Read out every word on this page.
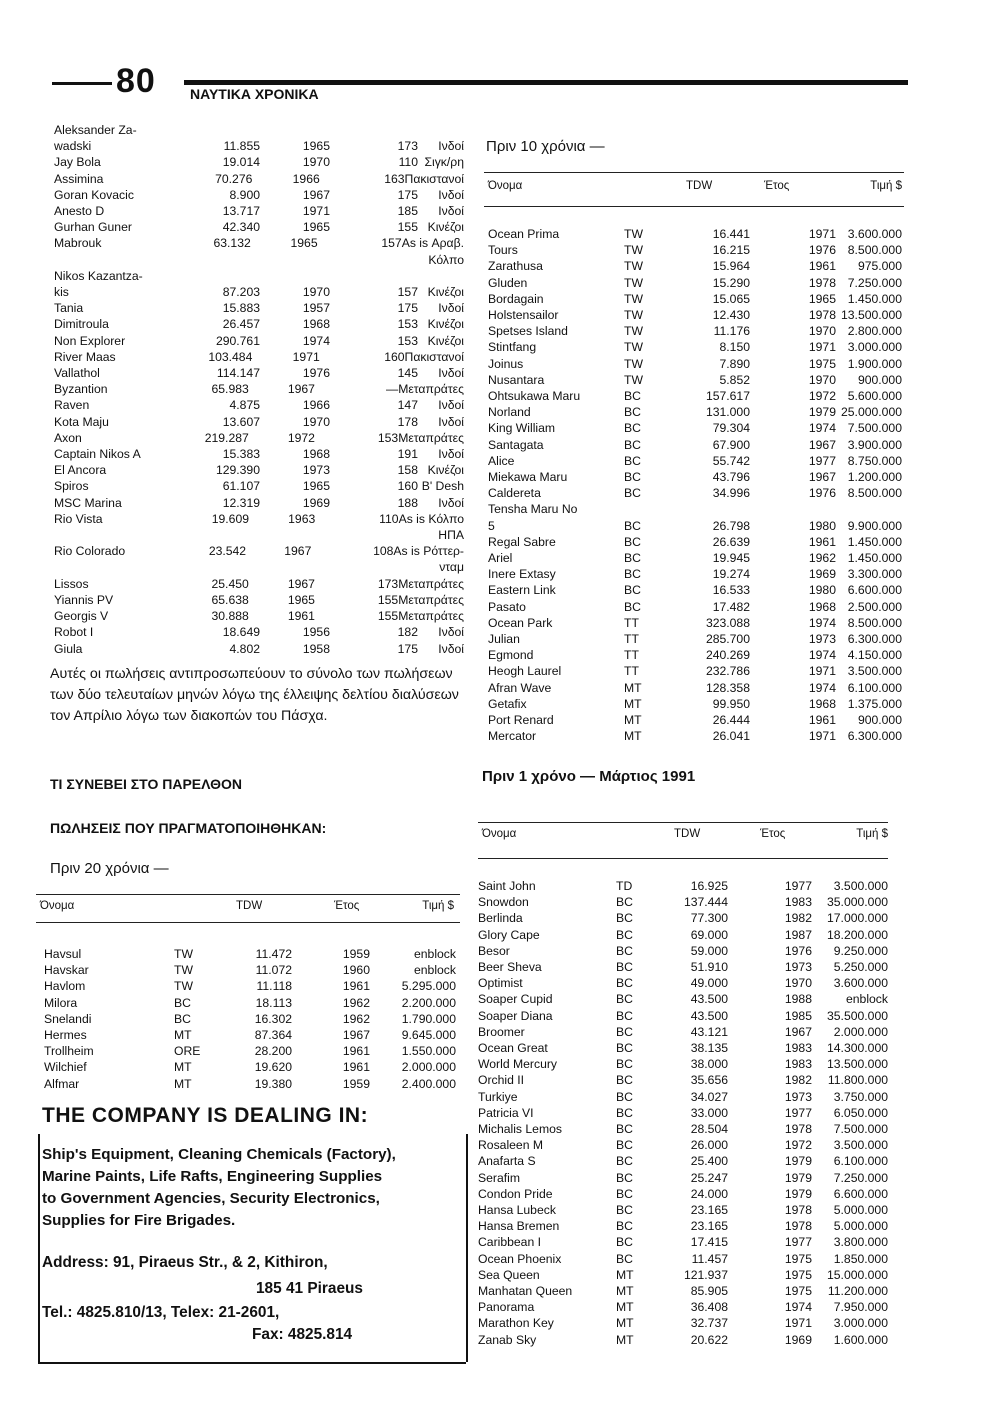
80 ΝΑΥΤΙΚΑ ΧΡΟΝΙΚΑ
Aleksander Za-
wadski	11.855	1965	173	Ινδοί
Jay Bola	19.014	1970	110 Σιγκ/ρη
Assimina	70.276	1966	163 Πακιστανοί
Goran Kovacic	8.900	1967	175	Ινδοί
Anesto D	13.717	1971	185	Ινδοί
Gurhan Guner	42.340	1965	155 Κινέζοι
Mabrouk	63.132	1965	157 As is Αραβ.
Κόλπο
Nikos Kazantza-
kis	87.203	1970	157 Κινέζοι
Tania	15.883	1957	175	Ινδοί
Dimitroula	26.457	1968	153 Κινέζοι
Non Explorer	290.761	1974	153 Κινέζοι
River Maas	103.484	1971	160 Πακιστανοί
Vallathol	114.147	1976	145	Ινδοί
Byzantion	65.983	1967	— Μεταπράτες
Raven	4.875	1966	147	Ινδοί
Kota Maju	13.607	1970	178	Ινδοί
Axon	219.287	1972	153 Μεταπράτες
Captain Nikos A	15.383	1968	191	Ινδοί
El Ancora	129.390	1973	158 Κινέζοι
Spiros	61.107	1965	160 B' Desh
MSC Marina	12.319	1969	188	Ινδοί
Rio Vista	19.609	1963	110 As is Κόλπο
ΗΠΑ
Rio Colorado	23.542	1967	108 As is Ρόττερ-
νταμ
Lissos	25.450	1967	173 Μεταπράτες
Yiannis PV	65.638	1965	155 Μεταπράτες
Georgis V	30.888	1961	155 Μεταπράτες
Robot I	18.649	1956	182	Ινδοί
Giula	4.802	1958	175	Ινδοί
Αυτές οι πωλήσεις αντιπροσωπεύουν το σύνολο των πωλήσεων των δύο τελευταίων μηνών λόγω της έλλειψης δελτίου διαλύσεων τον Απρίλιο λόγω των διακοπών του Πάσχα.
ΤΙ ΣΥΝΕΒΕΙ ΣΤΟ ΠΑΡΕΛΘΟΝ
ΠΩΛΗΣΕΙΣ ΠΟΥ ΠΡΑΓΜΑΤΟΠΟΙΗΘΗΚΑΝ:
Πριν 20 χρόνια —
Όνομα	TDW	Έτος	Τιμή $
Havsul	TW	11.472	1959	enblock
Havskar	TW	11.072	1960	enblock
Havlom	TW	11.118	1961	5.295.000
Milora	BC	18.113	1962	2.200.000
Snelandi	BC	16.302	1962	1.790.000
Hermes	MT	87.364	1967	9.645.000
Trollheim	ORE	28.200	1961	1.550.000
Wilchief	MT	19.620	1961	2.000.000
Alfmar	MT	19.380	1959	2.400.000
Πριν 10 χρόνια —
Όνομα	TDW	Έτος	Τιμή $
Ocean Prima	TW	16.441	1971 3.600.000
Tours	TW	16.215	1976 8.500.000
Zarathusa	TW	15.964	1961	975.000
Gluden	TW	15.290	1978 7.250.000
Bordagain	TW	15.065	1965 1.450.000
Holstensailor	TW	12.430	1978 13.500.000
Spetses Island	TW	11.176	1970 2.800.000
Stintfang	TW	8.150	1971 3.000.000
Joinus	TW	7.890	1975 1.900.000
Nusantara	TW	5.852	1970	900.000
Ohtsukawa Maru	BC	157.617	1972 5.600.000
Norland	BC	131.000	1979 25.000.000
King William	BC	79.304	1974 7.500.000
Santagata	BC	67.900	1967 3.900.000
Alice	BC	55.742	1977 8.750.000
Miekawa Maru	BC	43.796	1967 1.200.000
Caldereta	BC	34.996	1976 8.500.000
Tensha Maru No
5	BC	26.798	1980 9.900.000
Regal Sabre	BC	26.639	1961 1.450.000
Ariel	BC	19.945	1962 1.450.000
Inere Extasy	BC	19.274	1969 3.300.000
Eastern Link	BC	16.533	1980 6.600.000
Pasato	BC	17.482	1968 2.500.000
Ocean Park	TT	323.088	1974 8.500.000
Julian	TT	285.700	1973 6.300.000
Egmond	TT	240.269	1974 4.150.000
Heogh Laurel	TT	232.786	1971 3.500.000
Afran Wave	MT	128.358	1974 6.100.000
Getafix	MT	99.950	1968 1.375.000
Port Renard	MT	26.444	1961	900.000
Mercator	MT	26.041	1971 6.300.000
Πριν 1 χρόνο — Μάρτιος 1991
Όνομα	TDW	Έτος	Τιμή $
Saint John	TD	16.925	1977	3.500.000
Snowdon	BC	137.444	1983	35.000.000
Berlinda	BC	77.300	1982	17.000.000
Glory Cape	BC	69.000	1987	18.200.000
Besor	BC	59.000	1976	9.250.000
Beer Sheva	BC	51.910	1973	5.250.000
Optimist	BC	49.000	1970	3.600.000
Soaper Cupid	BC	43.500	1988	enblock
Soaper Diana	BC	43.500	1985	35.500.000
Broomer	BC	43.121	1967	2.000.000
Ocean Great	BC	38.135	1983	14.300.000
World Mercury	BC	38.000	1983	13.500.000
Orchid II	BC	35.656	1982	11.800.000
Turkiye	BC	34.027	1973	3.750.000
Patricia VI	BC	33.000	1977	6.050.000
Michalis Lemos	BC	28.504	1978	7.500.000
Rosaleen M	BC	26.000	1972	3.500.000
Anafarta S	BC	25.400	1979	6.100.000
Serafim	BC	25.247	1979	7.250.000
Condon Pride	BC	24.000	1979	6.600.000
Hansa Lubeck	BC	23.165	1978	5.000.000
Hansa Bremen	BC	23.165	1978	5.000.000
Caribbean I	BC	17.415	1977	3.800.000
Ocean Phoenix	BC	11.457	1975	1.850.000
Sea Queen	MT	121.937	1975	15.000.000
Manhatan Queen	MT	85.905	1975	11.200.000
Panorama	MT	36.408	1974	7.950.000
Marathon Key	MT	32.737	1971	3.000.000
Zanab Sky	MT	20.622	1969	1.600.000
THE COMPANY IS DEALING IN:
Ship's Equipment, Cleaning Chemicals (Factory),
Marine Paints, Life Rafts, Engineering Supplies
to Government Agencies, Security Electronics,
Supplies for Fire Brigades.
Address: 91, Piraeus Str., & 2, Kithiron,
185 41 Piraeus
Tel.: 4825.810/13, Telex: 21-2601,
Fax: 4825.814
